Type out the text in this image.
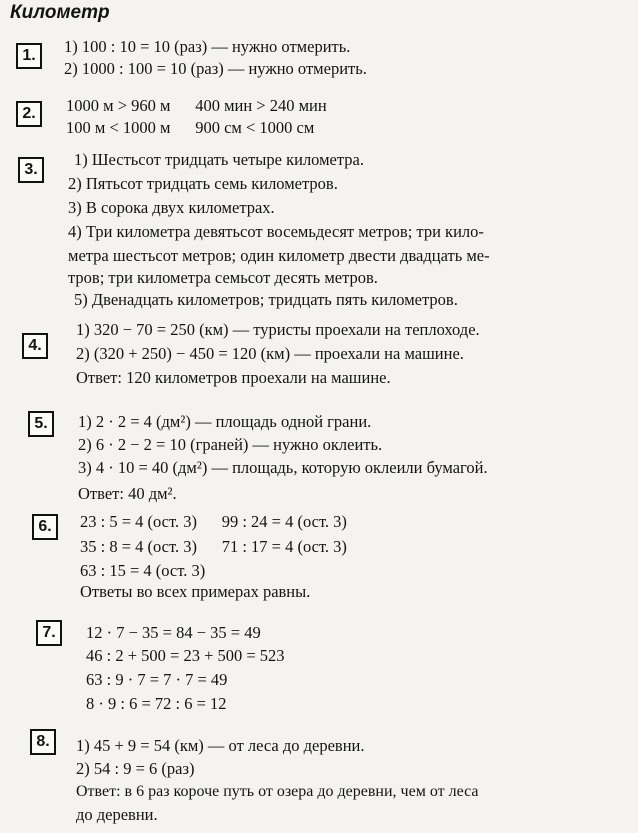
Километр
1.	1) 100 : 10 = 10 (раз) — нужно отмерить.
2) 1000 : 100 = 10 (раз) — нужно отмерить.
2.	1000 м > 960 м      400 мин > 240 мин
100 м < 1000 м      900 см < 1000 см
3.
1) Шестьсот тридцать четыре километра.
2) Пятьсот тридцать семь километров.
3) В сорока двух километрах.
4) Три километра девятьсот восемьдесят метров; три кило-
метра шестьсот метров; один километр двести двадцать ме-
тров; три километра семьсот десять метров.
5) Двенадцать километров; тридцать пять километров.
4.
1) 320 − 70 = 250 (км) — туристы проехали на теплоходе.
2) (320 + 250) − 450 = 120 (км) — проехали на машине.
Ответ: 120 километров проехали на машине.
5.	1) 2 · 2 = 4 (дм²) — площадь одной грани.
2) 6 · 2 − 2 = 10 (граней) — нужно оклеить.
3) 4 · 10 = 40 (дм²) — площадь, которую оклеили бумагой.
Ответ: 40 дм².
6.	23 : 5 = 4 (ост. 3)      99 : 24 = 4 (ост. 3)
35 : 8 = 4 (ост. 3)      71 : 17 = 4 (ост. 3)
63 : 15 = 4 (ост. 3)
Ответы во всех примерах равны.
7.	12 · 7 − 35 = 84 − 35 = 49
46 : 2 + 500 = 23 + 500 = 523
63 : 9 · 7 = 7 · 7 = 49
8 · 9 : 6 = 72 : 6 = 12
8.	1) 45 + 9 = 54 (км) — от леса до деревни.
2) 54 : 9 = 6 (раз)
Ответ: в 6 раз короче путь от озера до деревни, чем от леса
до деревни.
